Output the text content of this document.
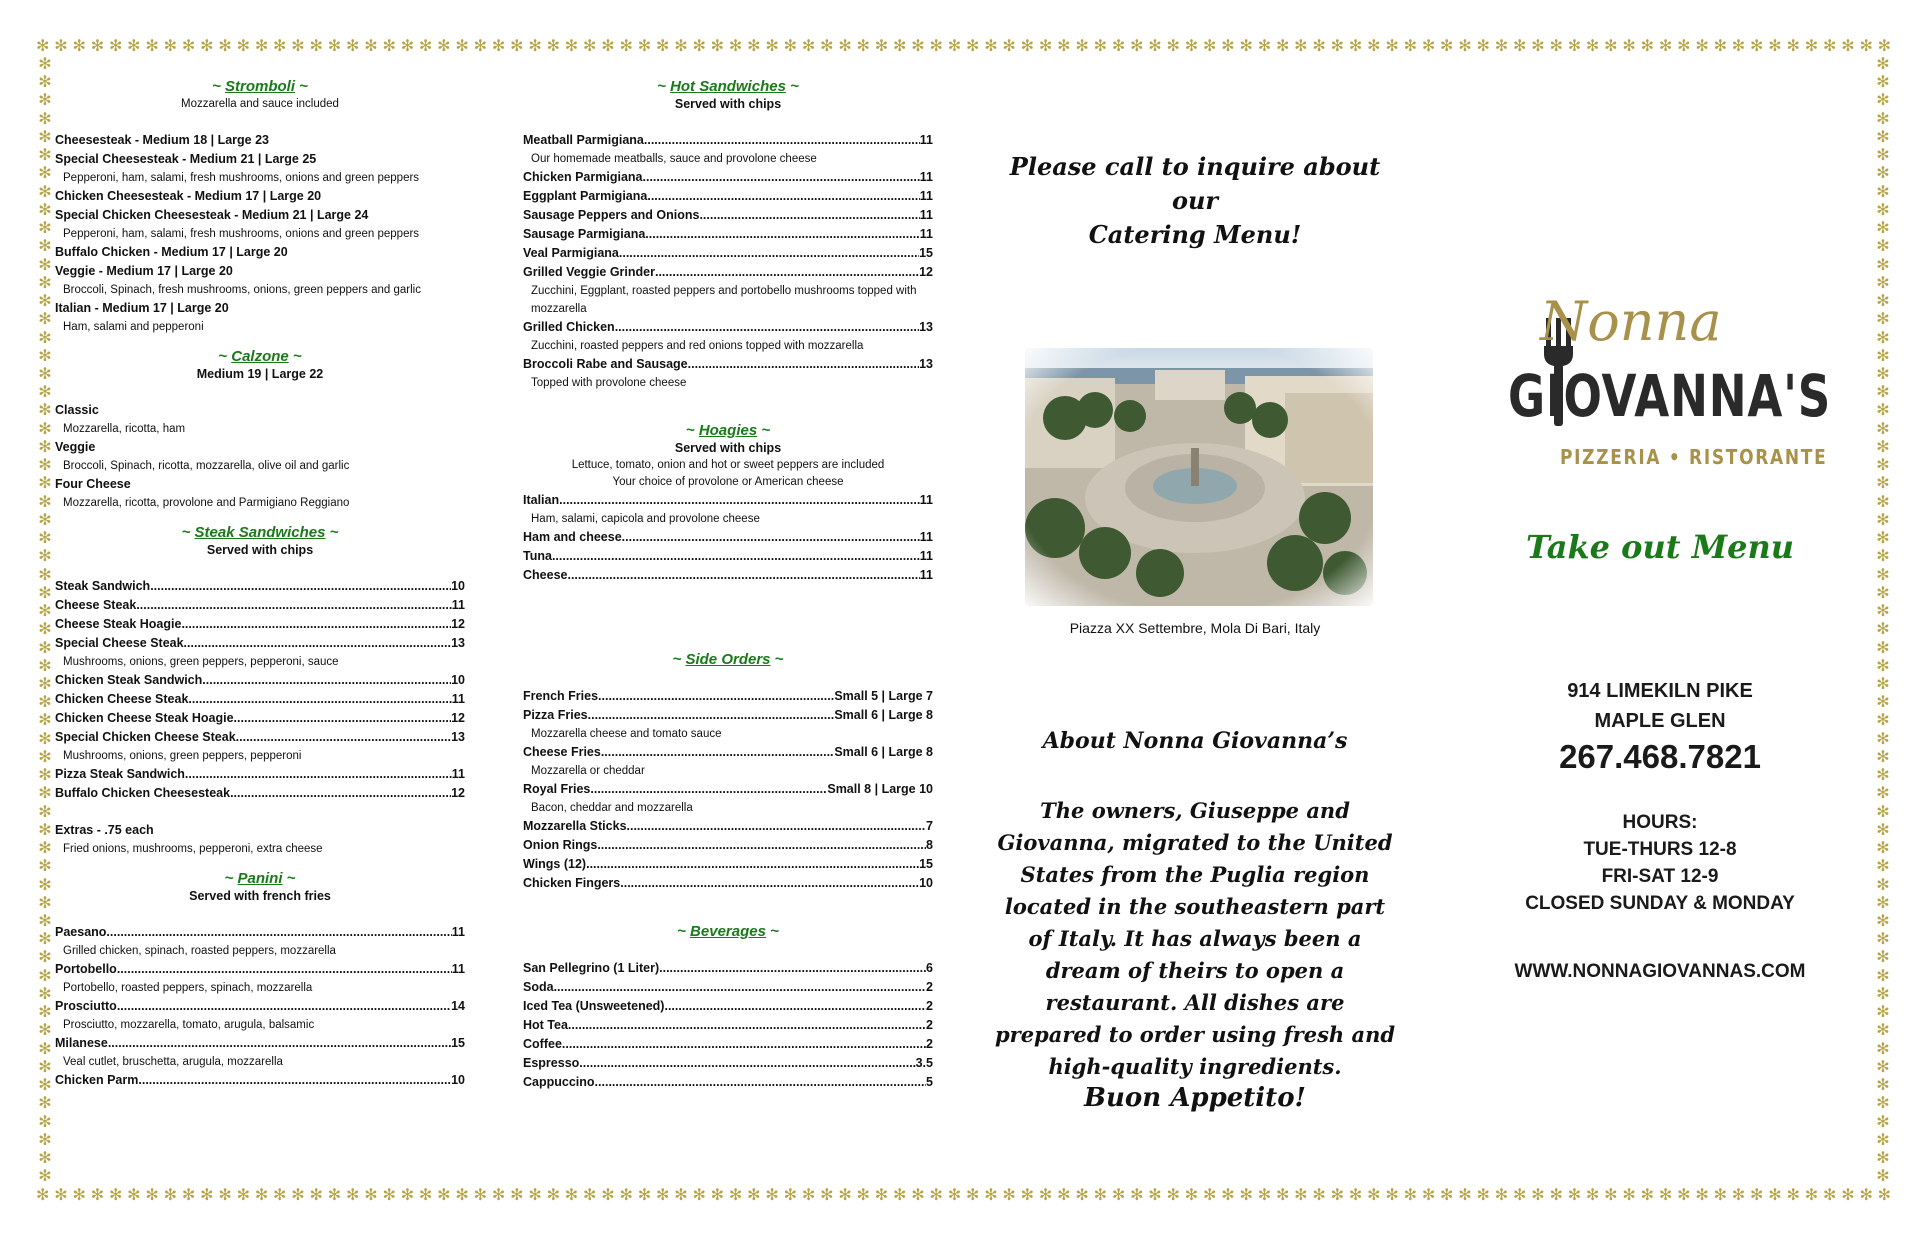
✻ ✻ ✻ ✻ ✻ ✻ ✻ ✻ ✻ ✻ ✻ ✻ ✻ ✻ ✻ ✻ ✻ ✻ ✻ ✻ ✻ ✻ ✻ ✻ ✻ ✻ ✻ ✻ ✻ ✻ ✻ ✻ ✻ ✻ ✻ ✻ ✻ ✻ ✻ ✻ ✻ ✻ ✻ ✻ ✻ ✻ ✻ ✻ ✻ ✻ ✻ ✻ ✻ ✻ ✻ ✻ ✻ ✻ ✻ ✻ ✻ ✻ ✻ ✻ ✻ ✻ ✻ ✻ ✻ ✻ ✻ ✻ ✻ ✻ ✻ ✻ ✻ ✻ ✻ ✻ ✻ ✻ ✻ ✻ ✻ ✻ ✻ ✻ ✻ ✻ ✻ ✻ ✻ ✻ ✻ ✻ ✻ ✻ ✻ ✻ ✻ ✻
✻ ✻ ✻ ✻ ✻ ✻ ✻ ✻ ✻ ✻ ✻ ✻ ✻ ✻ ✻ ✻ ✻ ✻ ✻ ✻ ✻ ✻ ✻ ✻ ✻ ✻ ✻ ✻ ✻ ✻ ✻ ✻ ✻ ✻ ✻ ✻ ✻ ✻ ✻ ✻ ✻ ✻ ✻ ✻ ✻ ✻ ✻ ✻ ✻ ✻ ✻ ✻ ✻ ✻ ✻ ✻ ✻ ✻ ✻ ✻ ✻ ✻ ✻ ✻ ✻ ✻ ✻ ✻ ✻ ✻ ✻ ✻ ✻ ✻ ✻ ✻ ✻ ✻ ✻ ✻ ✻ ✻ ✻ ✻ ✻ ✻ ✻ ✻ ✻ ✻ ✻ ✻ ✻ ✻ ✻ ✻ ✻ ✻ ✻ ✻ ✻ ✻
✻
✻
✻
✻
✻
✻
✻
✻
✻
✻
✻
✻
✻
✻
✻
✻
✻
✻
✻
✻
✻
✻
✻
✻
✻
✻
✻
✻
✻
✻
✻
✻
✻
✻
✻
✻
✻
✻
✻
✻
✻
✻
✻
✻
✻
✻
✻
✻
✻
✻
✻
✻
✻
✻
✻
✻
✻
✻
✻
✻
✻
✻
✻
✻
✻
✻
✻
✻
✻
✻
✻
✻
✻
✻
✻
✻
✻
✻
✻
✻
✻
✻
✻
✻
✻
✻
✻
✻
✻
✻
✻
✻
✻
✻
✻
✻
✻
✻
✻
✻
✻
✻
✻
✻
✻
✻
✻
✻
✻
✻
✻
✻
✻
✻
✻
✻
✻
✻
✻
✻
✻
✻
✻
✻
~ Stromboli ~
Mozzarella and sauce included
Cheesesteak - Medium 18 | Large 23
Special Cheesesteak - Medium 21 | Large 25
Pepperoni, ham, salami, fresh mushrooms, onions and green peppers
Chicken Cheesesteak - Medium 17 | Large 20
Special Chicken Cheesesteak - Medium 21 | Large 24
Pepperoni, ham, salami, fresh mushrooms, onions and green peppers
Buffalo Chicken - Medium 17 | Large 20
Veggie - Medium 17 | Large 20
Broccoli, Spinach, fresh mushrooms, onions, green peppers and garlic
Italian - Medium 17 | Large 20
Ham, salami and pepperoni
~ Calzone ~
Medium 19 | Large 22
Classic
Mozzarella, ricotta, ham
Veggie
Broccoli, Spinach, ricotta, mozzarella, olive oil and garlic
Four Cheese
Mozzarella, ricotta, provolone and Parmigiano Reggiano
~ Steak Sandwiches ~
Served with chips
Steak Sandwich .....	10
Cheese Steak .....	11
Cheese Steak Hoagie .....	12
Special Cheese Steak .....	13
Mushrooms, onions, green peppers, pepperoni, sauce
Chicken Steak Sandwich .....	10
Chicken Cheese Steak .....	11
Chicken Cheese Steak Hoagie .....	12
Special Chicken Cheese Steak .....	13
Mushrooms, onions, green peppers, pepperoni
Pizza Steak Sandwich .....	11
Buffalo Chicken Cheesesteak .....	12
Extras - .75 each
Fried onions, mushrooms, pepperoni, extra cheese
~ Panini ~
Served with french fries
Paesano .....	11
Grilled chicken, spinach, roasted peppers, mozzarella
Portobello .....	11
Portobello, roasted peppers, spinach, mozzarella
Prosciutto .....	14
Prosciutto, mozzarella, tomato, arugula, balsamic
Milanese .....	15
Veal cutlet, bruschetta, arugula, mozzarella
Chicken Parm .....	10
~ Hot Sandwiches ~
Served with chips
Meatball Parmigiana .....	11
Our homemade meatballs, sauce and provolone cheese
Chicken Parmigiana .....	11
Eggplant Parmigiana .....	11
Sausage Peppers and Onions .....	11
Sausage Parmigiana .....	11
Veal Parmigiana .....	15
Grilled Veggie Grinder .....	12
Zucchini, Eggplant, roasted peppers and portobello mushrooms topped with mozzarella
Grilled Chicken .....	13
Zucchini, roasted peppers and red onions topped with mozzarella
Broccoli Rabe and Sausage .....	13
Topped with provolone cheese
~ Hoagies ~
Served with chips
Lettuce, tomato, onion and hot or sweet peppers are included
Your choice of provolone or American cheese
Italian .....	11
Ham, salami, capicola and provolone cheese
Ham and cheese .....	11
Tuna .....	11
Cheese .....	11
~ Side Orders ~
French Fries .....	Small 5 | Large 7
Pizza Fries .....	Small 6 | Large 8
Mozzarella cheese and tomato sauce
Cheese Fries .....	Small 6 | Large 8
Mozzarella or cheddar
Royal Fries .....	Small 8 | Large 10
Bacon, cheddar and mozzarella
Mozzarella Sticks .....	7
Onion Rings .....	8
Wings (12) .....	15
Chicken Fingers .....	10
~ Beverages ~
San Pellegrino (1 Liter) .....	6
Soda .....	2
Iced Tea (Unsweetened) .....	2
Hot Tea .....	2
Coffee .....	2
Espresso .....	3.5
Cappuccino .....	5
Please call to inquire about our
Catering Menu!
Piazza XX Settembre, Mola Di Bari, Italy
About Nonna Giovanna’s
The owners, Giuseppe and Giovanna, migrated to the United States from the Puglia region located in the southeastern part of Italy. It has always been a dream of theirs to open a restaurant. All dishes are prepared to order using fresh and high-quality ingredients.
Buon Appetito!
Nonna
GIOVANNA'S
PIZZERIA • RISTORANTE
Take out Menu
914 LIMEKILN PIKE
MAPLE GLEN
267.468.7821
HOURS:
TUE-THURS 12-8
FRI-SAT 12-9
CLOSED SUNDAY & MONDAY
WWW.NONNAGIOVANNAS.COM
